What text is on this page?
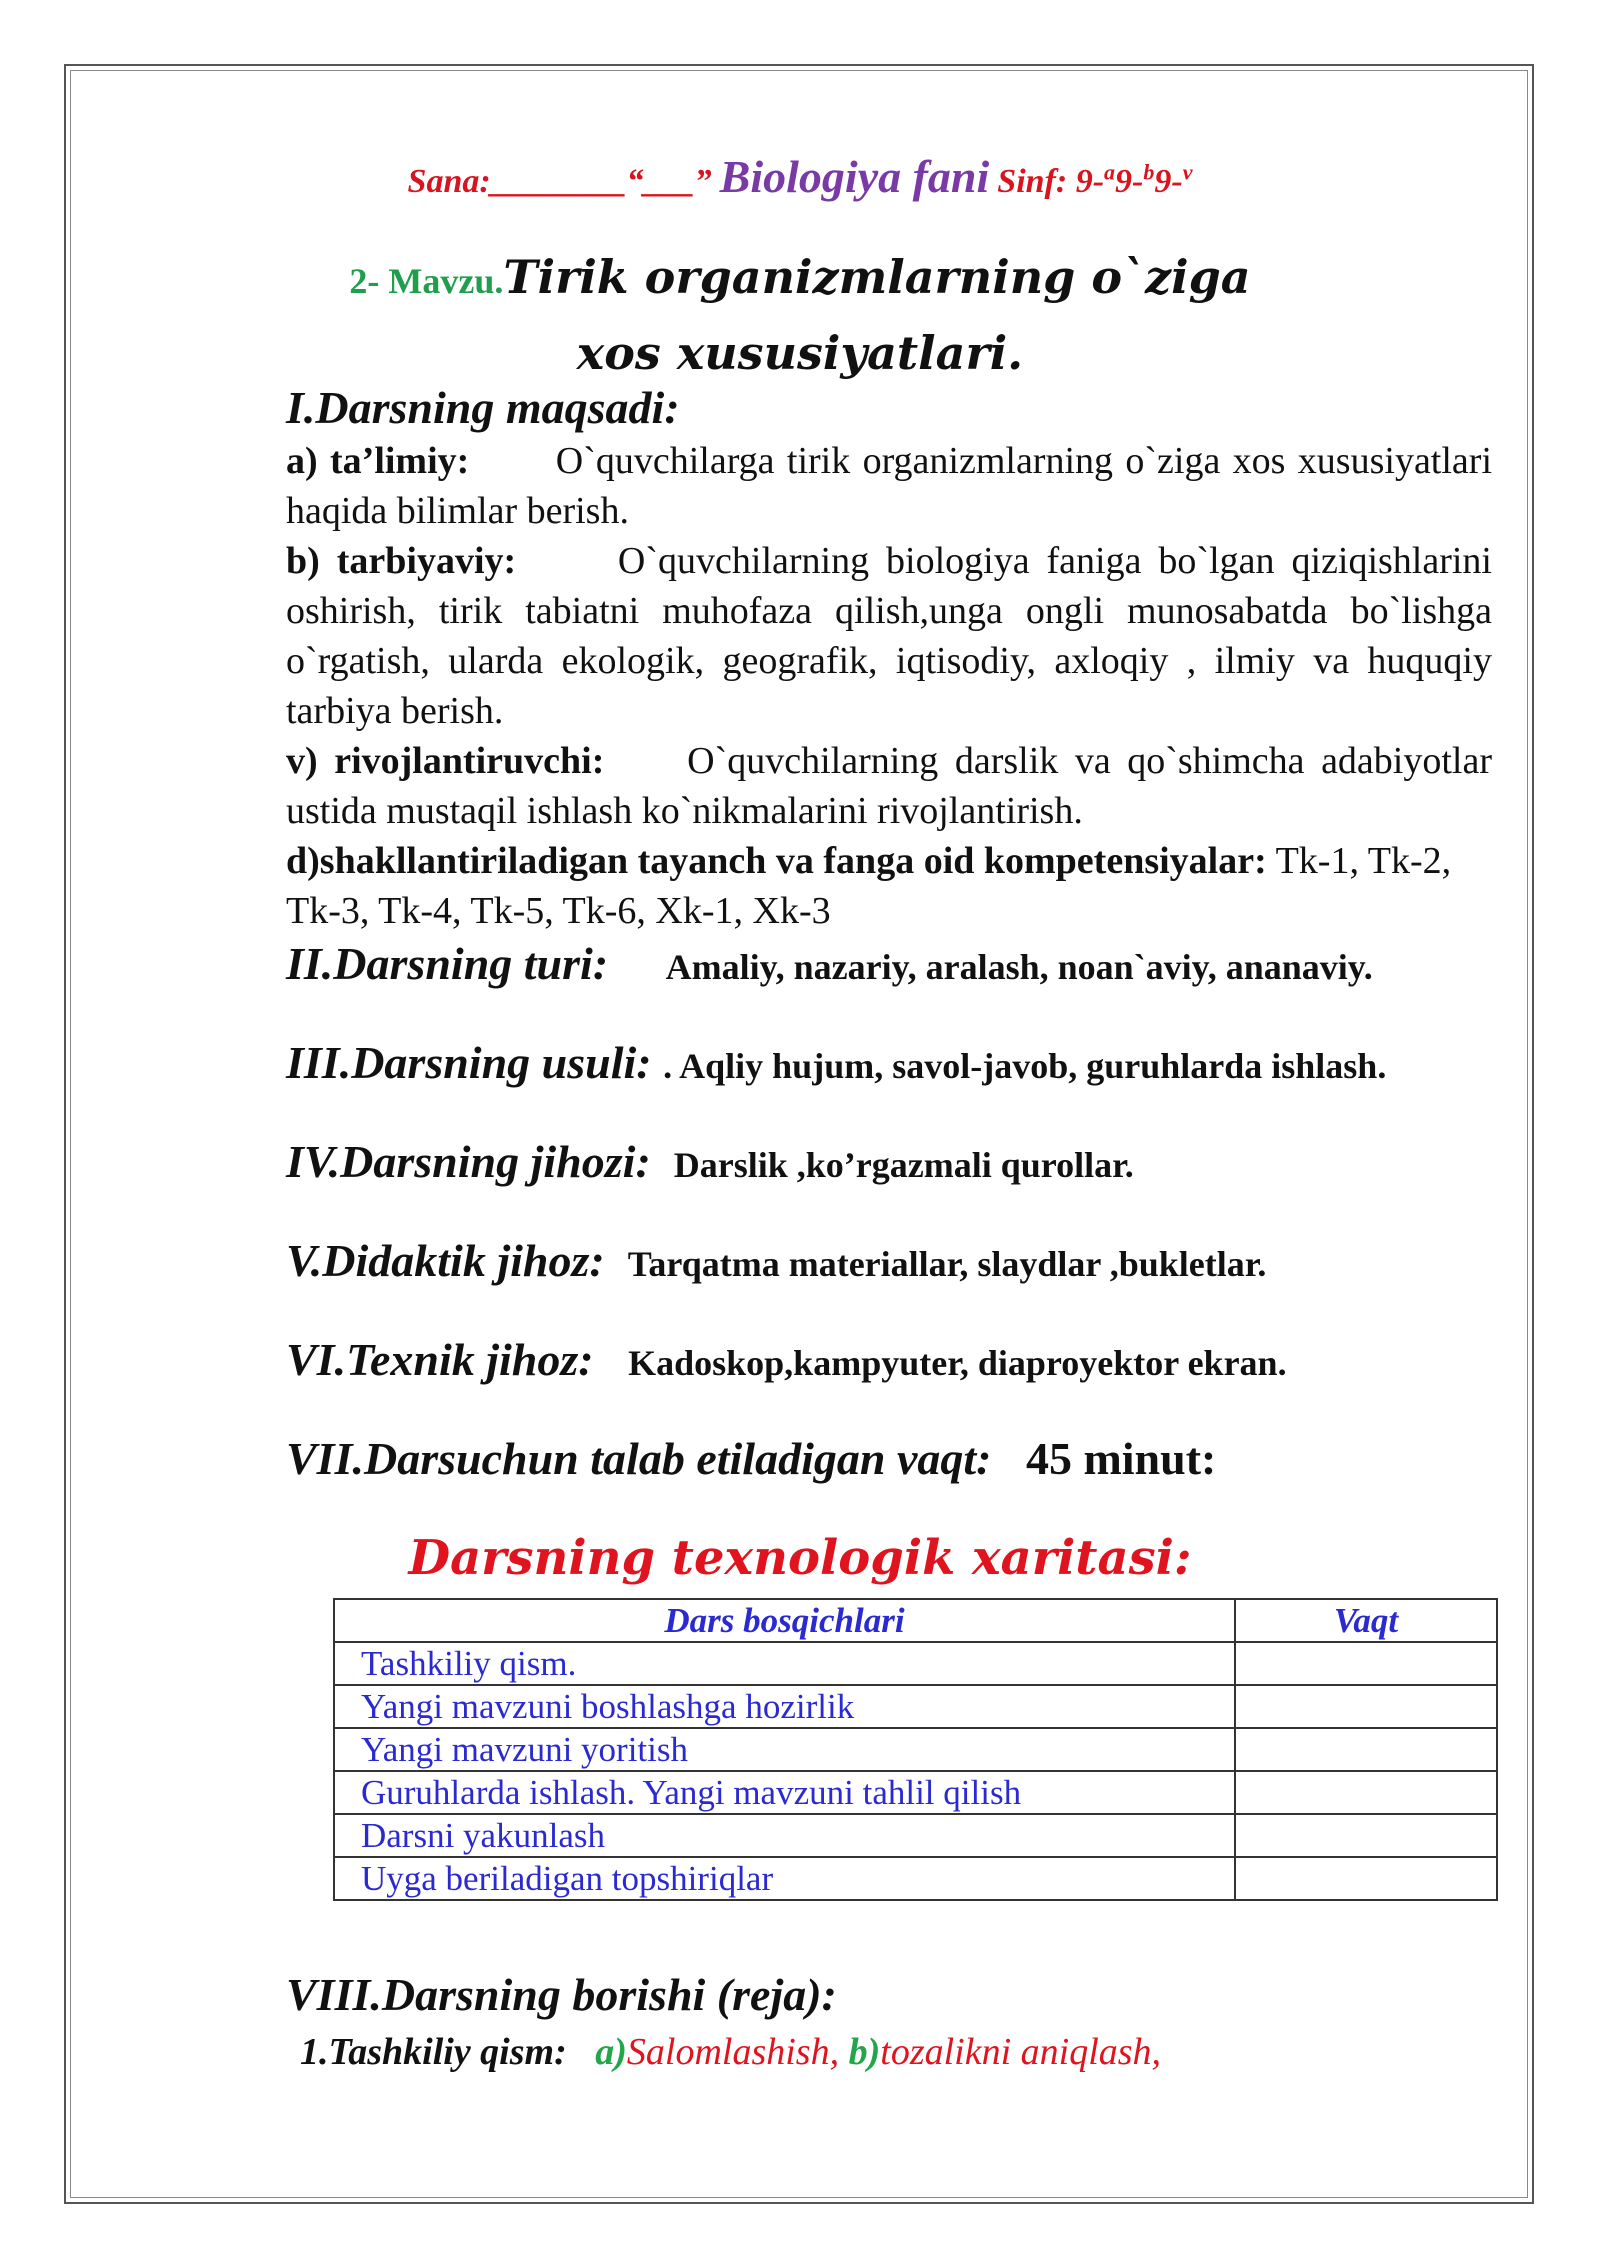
Sana:________“___” Biologiya fani Sinf: 9-$^a$9-$^b$9-$^v$
2- Mavzu.Tirik organizmlarning o`ziga xos xususiyatlari.

I.Darsning maqsadi:

a) ta’limiy: O`quvchilarga tirik organizmlarning o`ziga xos xususiyatlari haqida bilimlar berish.

b) tarbiyaviy:	O`quvchilarning biologiya faniga bo`lgan qiziqishlarini oshirish, tirik tabiatni muhofaza qilish,unga ongli munosabatda bo`lishga o`rgatish, ularda ekologik, geografik, iqtisodiy, axloqiy , ilmiy va huquqiy tarbiya berish.

v) rivojlantiruvchi: O`quvchilarning darslik va qo`shimcha adabiyotlar ustida mustaqil ishlash ko`nikmalarini rivojlantirish.

d)shakllantiriladigan tayanch va fanga oid kompetensiyalar: Tk-1, Tk-2, Tk-3, Tk-4, Tk-5, Tk-6, Xk-1, Xk-3

II.Darsning turi: Amaliy, nazariy, aralash, noan`aviy, ananaviy.

III.Darsning usuli: . Aqliy hujum, savol-javob, guruhlarda ishlash.

IV.Darsning jihozi: Darslik ,ko’rgazmali qurollar.

V.Didaktik jihoz: Tarqatma materiallar, slaydlar ,bukletlar.

VI.Texnik jihoz: Kadoskop,kampyuter, diaproyektor ekran.

VII.Darsuchun talab etiladigan vaqt: 45 minut:

Darsning texnologik xaritasi:
Dars bosqichlari	Vaqt
Tashkiliy qism.	
Yangi mavzuni boshlashga hozirlik	
Yangi mavzuni yoritish	
Guruhlarda ishlash. Yangi mavzuni tahlil qilish	
Darsni yakunlash	
Uyga beriladigan topshiriqlar	
VIII.Darsning borishi (reja):
1.Tashkiliy qism: a)Salomlashish, b)tozalikni aniqlash,
